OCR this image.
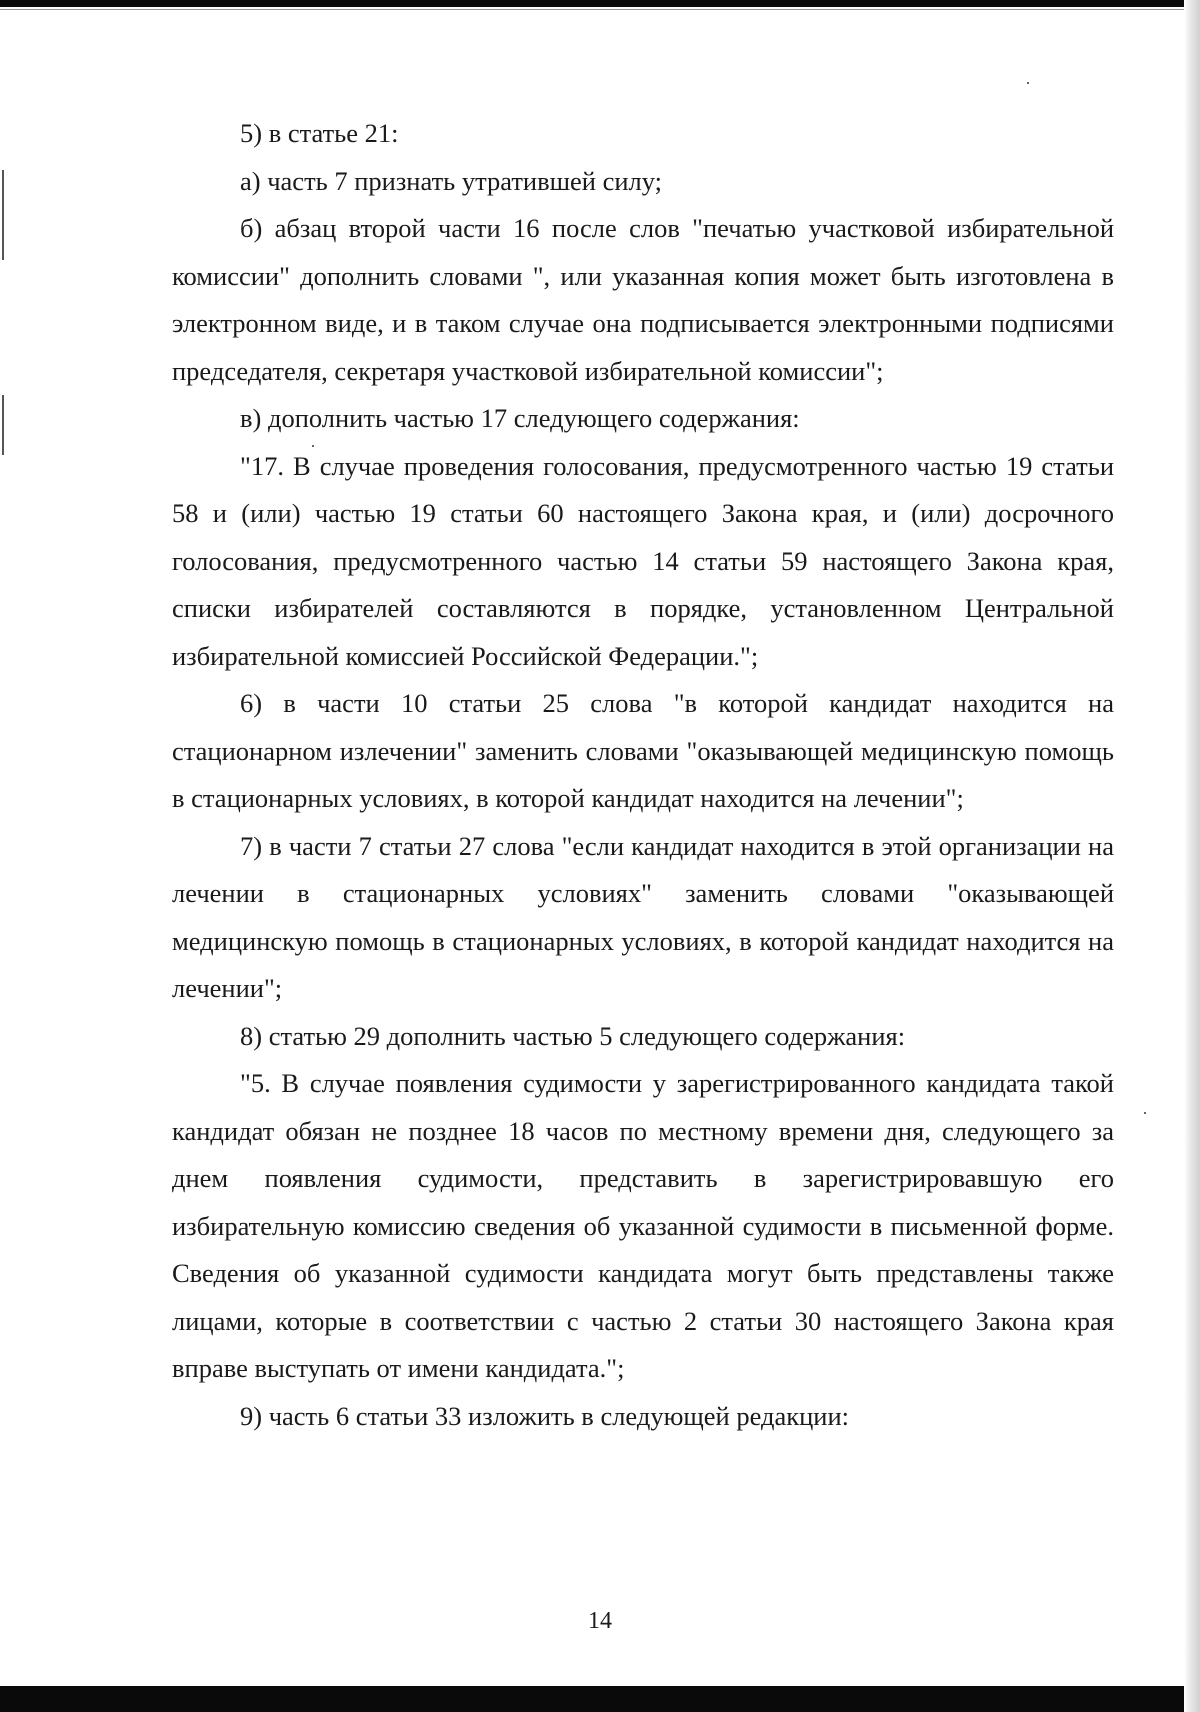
5) в статье 21:

а) часть 7 признать утратившей силу;

б) абзац второй части 16 после слов "печатью участковой избирательной комиссии" дополнить словами ", или указанная копия может быть изготовлена в электронном виде, и в таком случае она подписывается электронными подписями председателя, секретаря участковой избирательной комиссии";

в) дополнить частью 17 следующего содержания:

"17. В случае проведения голосования, предусмотренного частью 19 статьи 58 и (или) частью 19 статьи 60 настоящего Закона края, и (или) досрочного голосования, предусмотренного частью 14 статьи 59 настоящего Закона края, списки избирателей составляются в порядке, установленном Центральной избирательной комиссией Российской Федерации.";

6) в части 10 статьи 25 слова "в которой кандидат находится на стационарном излечении" заменить словами "оказывающей медицинскую помощь в стационарных условиях, в которой кандидат находится на лечении";

7) в части 7 статьи 27 слова "если кандидат находится в этой организации на лечении в стационарных условиях" заменить словами "оказывающей медицинскую помощь в стационарных условиях, в которой кандидат находится на лечении";

8) статью 29 дополнить частью 5 следующего содержания:

"5. В случае появления судимости у зарегистрированного кандидата такой кандидат обязан не позднее 18 часов по местному времени дня, следующего за днем появления судимости, представить в зарегистрировавшую его избирательную комиссию сведения об указанной судимости в письменной форме. Сведения об указанной судимости кандидата могут быть представлены также лицами, которые в соответствии с частью 2 статьи 30 настоящего Закона края вправе выступать от имени кандидата.";

9) часть 6 статьи 33 изложить в следующей редакции:

14
